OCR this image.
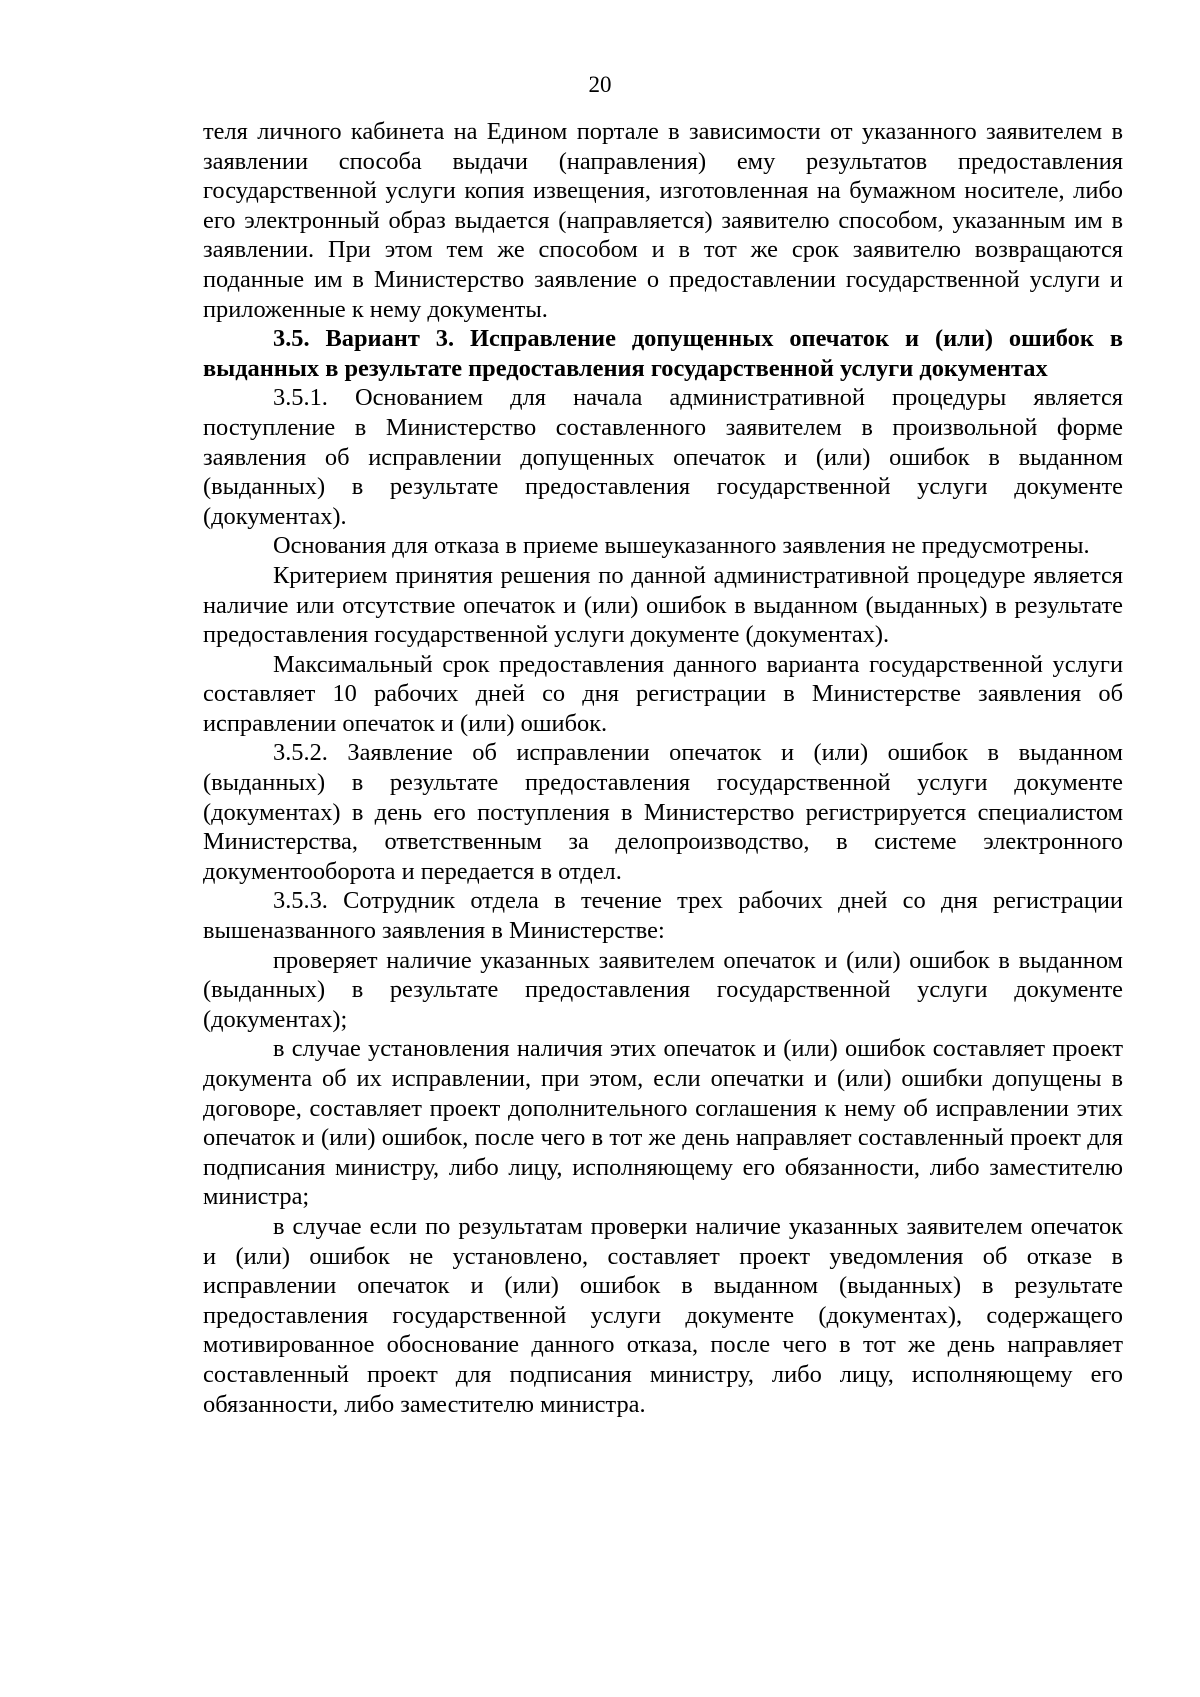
20

теля личного кабинета на Едином портале в зависимости от указанного заявителем в заявлении способа выдачи (направления) ему результатов предоставления государственной услуги копия извещения, изготовленная на бумажном носителе, либо его электронный образ выдается (направляется) заявителю способом, указанным им в заявлении. При этом тем же способом и в тот же срок заявителю возвращаются поданные им в Министерство заявление о предоставлении государственной услуги и приложенные к нему документы.

3.5. Вариант 3. Исправление допущенных опечаток и (или) ошибок в выданных в результате предоставления государственной услуги документах

3.5.1. Основанием для начала административной процедуры является поступление в Министерство составленного заявителем в произвольной форме заявления об исправлении допущенных опечаток и (или) ошибок в выданном (выданных) в результате предоставления государственной услуги документе (документах).

Основания для отказа в приеме вышеуказанного заявления не предусмотрены.

Критерием принятия решения по данной административной процедуре является наличие или отсутствие опечаток и (или) ошибок в выданном (выданных) в результате предоставления государственной услуги документе (документах).

Максимальный срок предоставления данного варианта государственной услуги составляет 10 рабочих дней со дня регистрации в Министерстве заявления об исправлении опечаток и (или) ошибок.

3.5.2. Заявление об исправлении опечаток и (или) ошибок в выданном (выданных) в результате предоставления государственной услуги документе (документах) в день его поступления в Министерство регистрируется специалистом Министерства, ответственным за делопроизводство, в системе электронного документооборота и передается в отдел.

3.5.3. Сотрудник отдела в течение трех рабочих дней со дня регистрации вышеназванного заявления в Министерстве:

проверяет наличие указанных заявителем опечаток и (или) ошибок в выданном (выданных) в результате предоставления государственной услуги документе (документах);

в случае установления наличия этих опечаток и (или) ошибок составляет проект документа об их исправлении, при этом, если опечатки и (или) ошибки допущены в договоре, составляет проект дополнительного соглашения к нему об исправлении этих опечаток и (или) ошибок, после чего в тот же день направляет составленный проект для подписания министру, либо лицу, исполняющему его обязанности, либо заместителю министра;

в случае если по результатам проверки наличие указанных заявителем опечаток и (или) ошибок не установлено, составляет проект уведомления об отказе в исправлении опечаток и (или) ошибок в выданном (выданных) в результате предоставления государственной услуги документе (документах), содержащего мотивированное обоснование данного отказа, после чего в тот же день направляет составленный проект для подписания министру, либо лицу, исполняющему его обязанности, либо заместителю министра.
